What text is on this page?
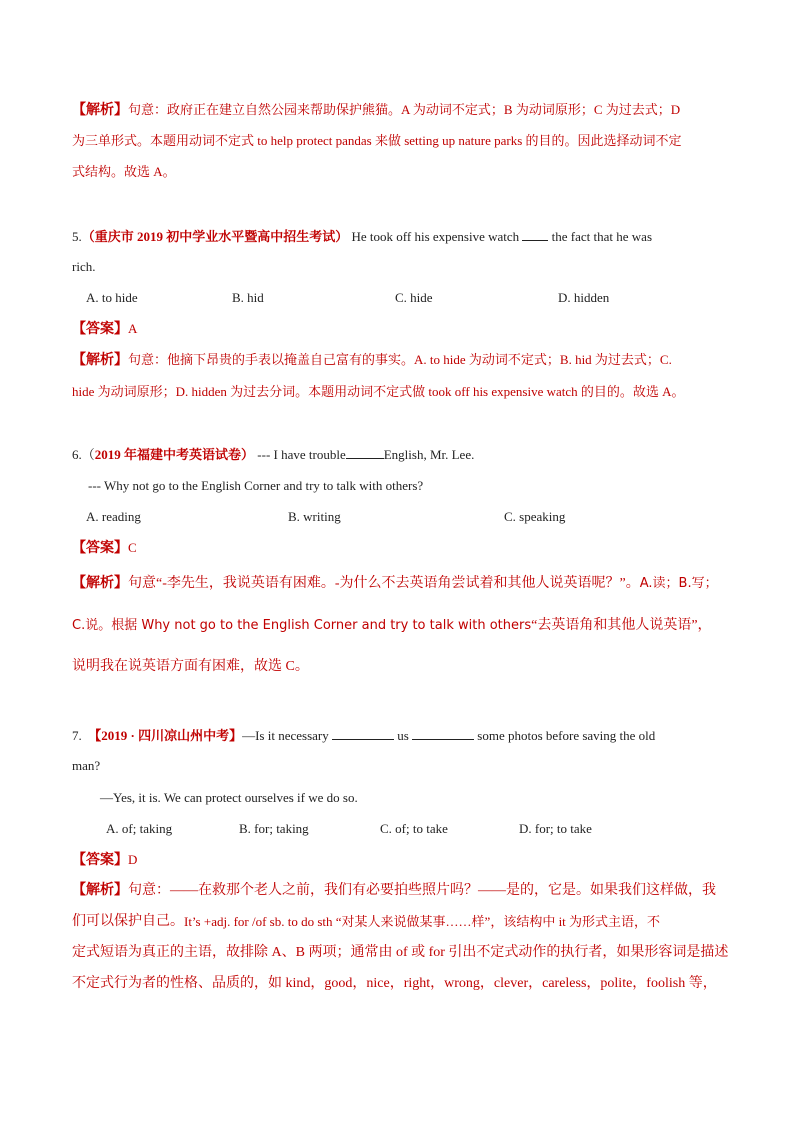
【解析】句意：政府正在建立自然公园来帮助保护熊猫。A 为动词不定式；B 为动词原形；C 为过去式；D
为三单形式。本题用动词不定式 to help protect pandas 来做 setting up nature parks 的目的。因此选择动词不定
式结构。故选 A。
5.（重庆市 2019 初中学业水平暨高中招生考试） He took off his expensive watch  the fact that he was
rich.
A. to hide	B. hid	C. hide	D. hidden
【答案】A
【解析】句意：他摘下昂贵的手表以掩盖自己富有的事实。A. to hide 为动词不定式；B. hid 为过去式；C.
hide 为动词原形；D. hidden 为过去分词。本题用动词不定式做 took off his expensive watch 的目的。故选 A。
6.（2019 年福建中考英语试卷） --- I have trouble	English, Mr. Lee.
--- Why not go to the English Corner and try to talk with others?
A. reading	B. writing	C. speaking
【答案】C
【解析】句意“-李先生，我说英语有困难。-为什么不去英语角尝试着和其他人说英语呢？”。A.读；B.写；
C.说。根据 Why not go to the English Corner and try to talk with others“去英语角和其他人说英语”，
说明我在说英语方面有困难，故选 C。
7. 【2019 · 四川凉山州中考】—Is it necessary	us	some photos before saving the old
man?
—Yes, it is. We can protect ourselves if we do so.
A. of; taking	B. for; taking	C. of; to take	D. for; to take
【答案】D
【解析】句意：——在救那个老人之前，我们有必要拍些照片吗？——是的，它是。如果我们这样做，我
们可以保护自己。 It’s +adj. for /of sb. to do sth “对某人来说做某事……样”，该结构中 it 为形式主语，不
定式短语为真正的主语，故排除 A、B 两项；通常由 of 或 for 引出不定式动作的执行者，如果形容词是描述
不定式行为者的性格、品质的，如 kind，good，nice，right，wrong，clever，careless，polite，foolish 等，
